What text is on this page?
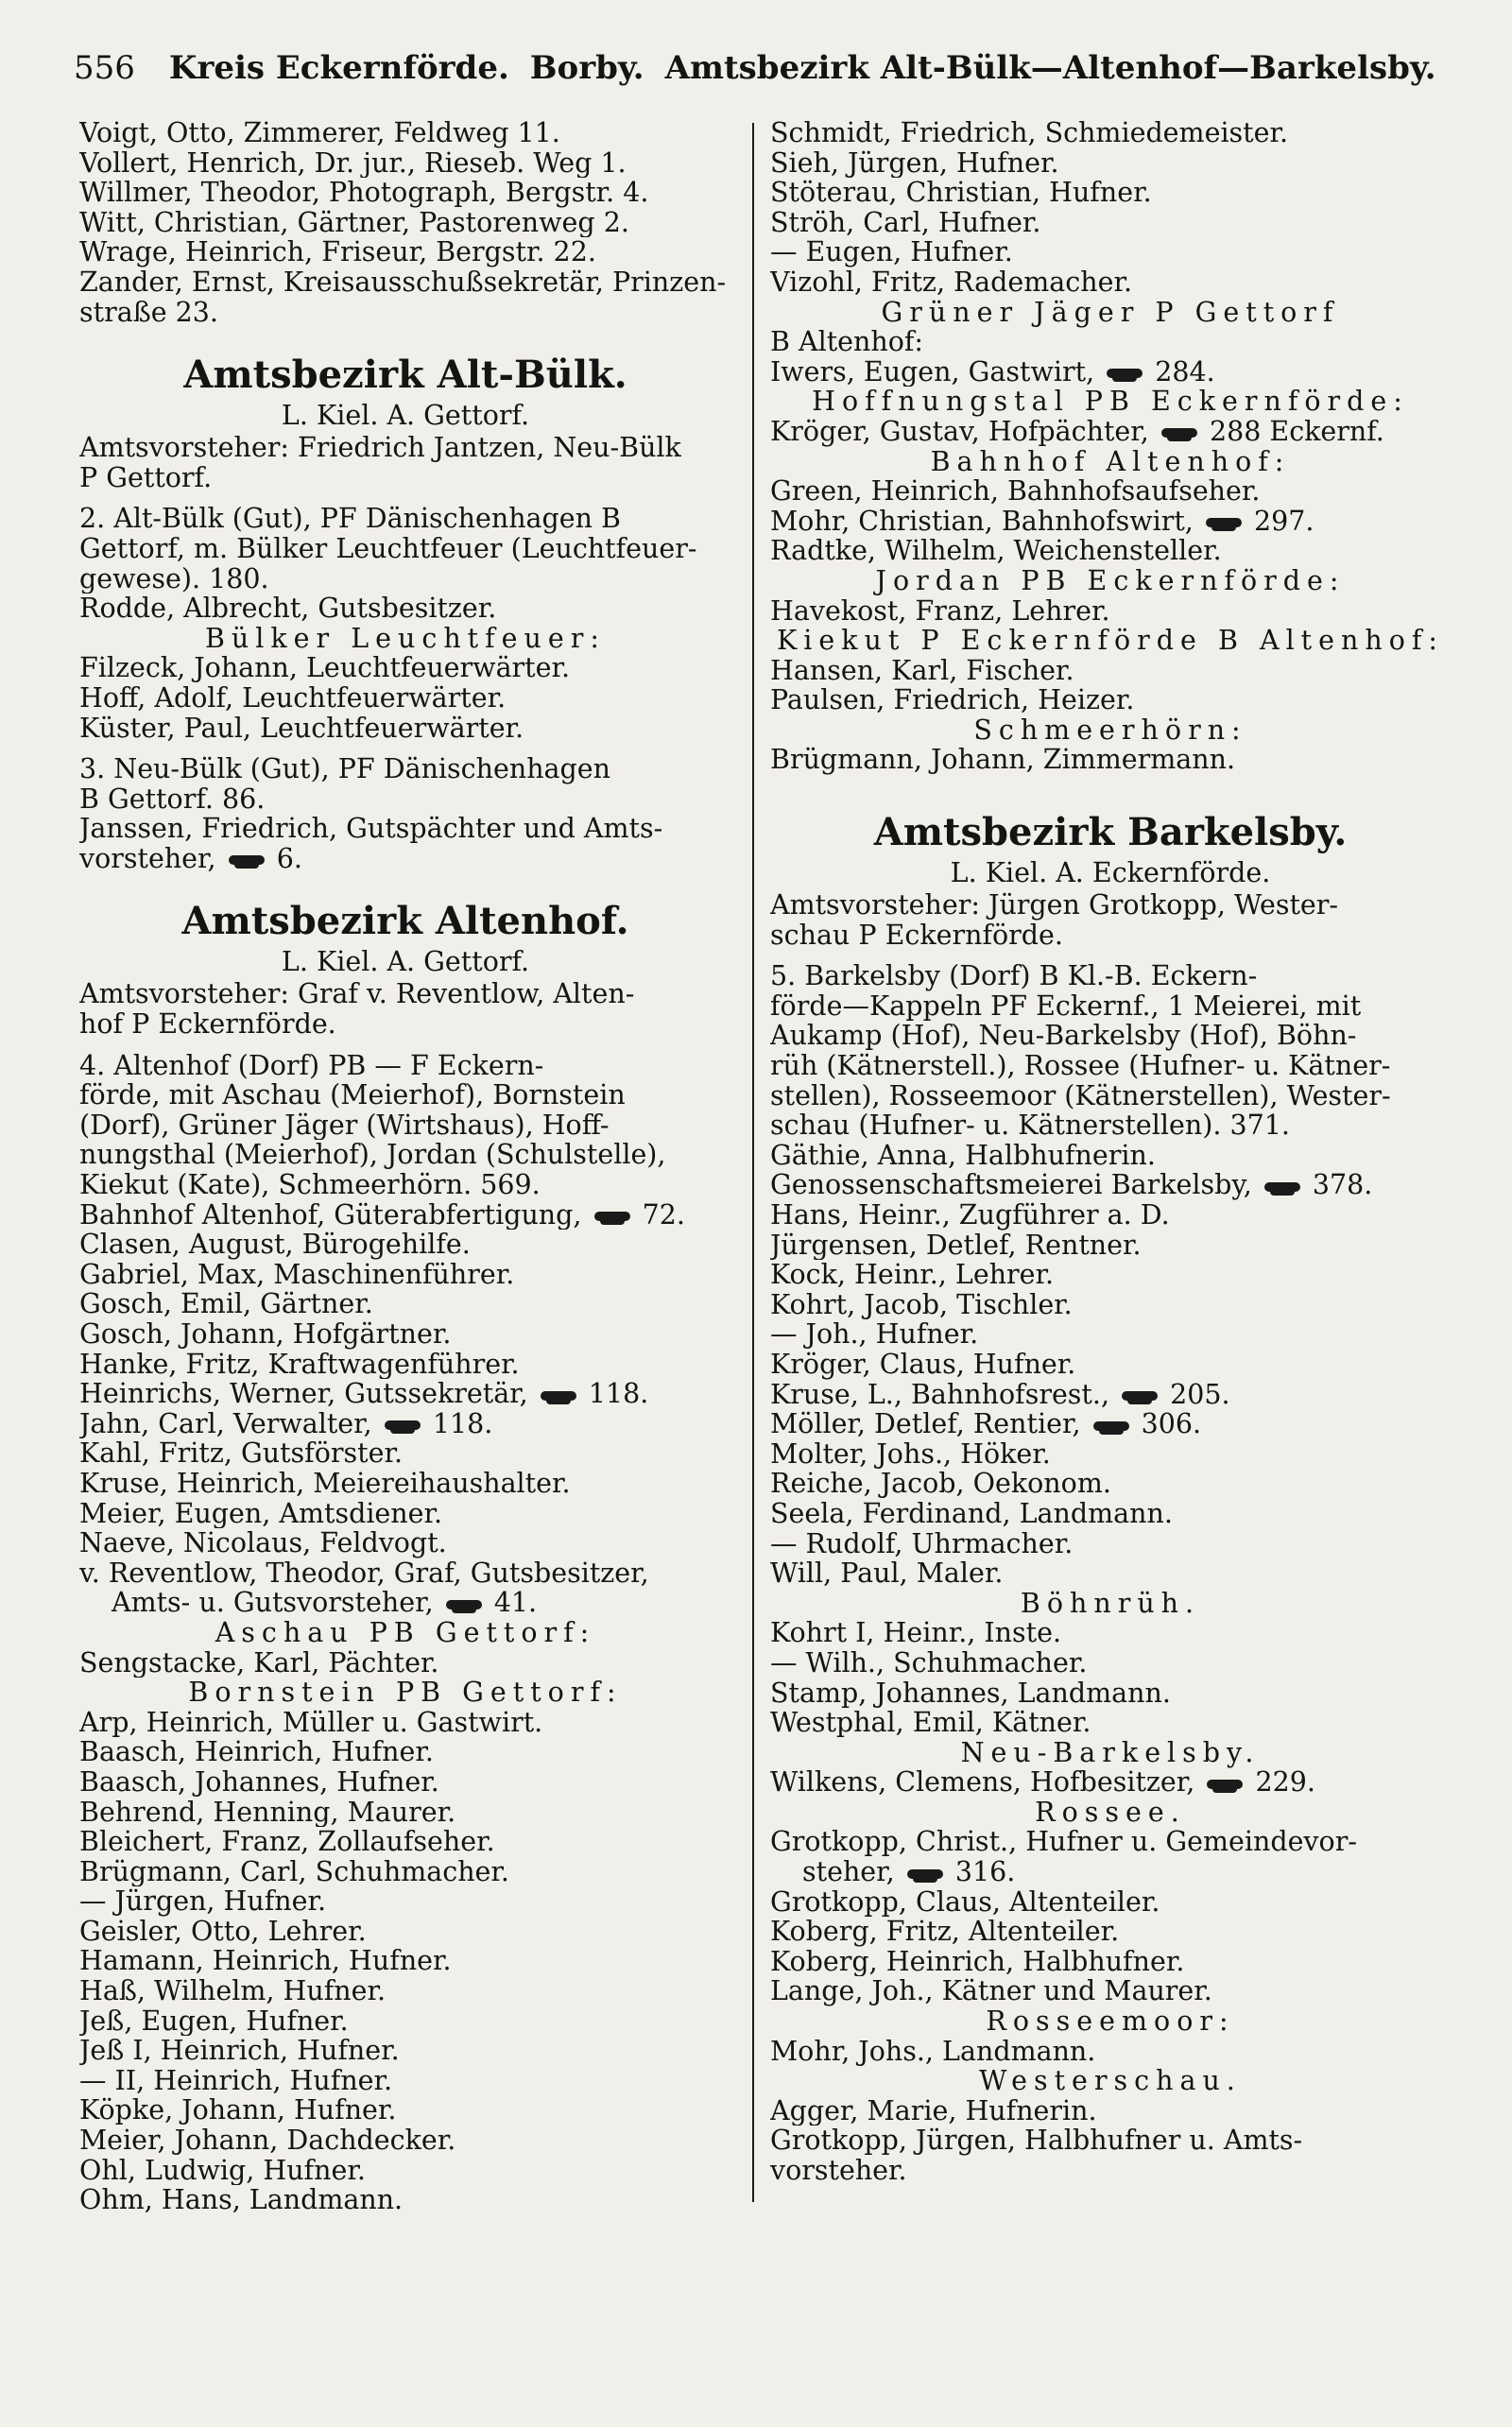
556 Kreis Eckernförde. Borby. Amtsbezirk Alt-Bülk—Altenhof—Barkelsby.
Voigt, Otto, Zimmerer, Feldweg 11.
Vollert, Henrich, Dr. jur., Rieseb. Weg 1.
Willmer, Theodor, Photograph, Bergstr. 4.
Witt, Christian, Gärtner, Pastorenweg 2.
Wrage, Heinrich, Friseur, Bergstr. 22.
Zander, Ernst, Kreisausschußsekretär, Prinzen-
straße 23.
Amtsbezirk Alt-Bülk.
L. Kiel. A. Gettorf.
Amtsvorsteher: Friedrich Jantzen, Neu-Bülk
P Gettorf.
2. Alt-Bülk (Gut), PF Dänischenhagen B
Gettorf, m. Bülker Leuchtfeuer (Leuchtfeuer-
gewese). 180.
Rodde, Albrecht, Gutsbesitzer.
Bülker Leuchtfeuer:
Filzeck, Johann, Leuchtfeuerwärter.
Hoff, Adolf, Leuchtfeuerwärter.
Küster, Paul, Leuchtfeuerwärter.
3. Neu-Bülk (Gut), PF Dänischenhagen
B Gettorf. 86.
Janssen, Friedrich, Gutspächter und Amts-
vorsteher, 6.
Amtsbezirk Altenhof.
L. Kiel. A. Gettorf.
Amtsvorsteher: Graf v. Reventlow, Alten-
hof P Eckernförde.
4. Altenhof (Dorf) PB — F Eckern-
förde, mit Aschau (Meierhof), Bornstein
(Dorf), Grüner Jäger (Wirtshaus), Hoff-
nungsthal (Meierhof), Jordan (Schulstelle),
Kiekut (Kate), Schmeerhörn. 569.
Bahnhof Altenhof, Güterabfertigung, 72.
Clasen, August, Bürogehilfe.
Gabriel, Max, Maschinenführer.
Gosch, Emil, Gärtner.
Gosch, Johann, Hofgärtner.
Hanke, Fritz, Kraftwagenführer.
Heinrichs, Werner, Gutssekretär, 118.
Jahn, Carl, Verwalter, 118.
Kahl, Fritz, Gutsförster.
Kruse, Heinrich, Meiereihaushalter.
Meier, Eugen, Amtsdiener.
Naeve, Nicolaus, Feldvogt.
v. Reventlow, Theodor, Graf, Gutsbesitzer,
Amts- u. Gutsvorsteher, 41.
Aschau PB Gettorf:
Sengstacke, Karl, Pächter.
Bornstein PB Gettorf:
Arp, Heinrich, Müller u. Gastwirt.
Baasch, Heinrich, Hufner.
Baasch, Johannes, Hufner.
Behrend, Henning, Maurer.
Bleichert, Franz, Zollaufseher.
Brügmann, Carl, Schuhmacher.
— Jürgen, Hufner.
Geisler, Otto, Lehrer.
Hamann, Heinrich, Hufner.
Haß, Wilhelm, Hufner.
Jeß, Eugen, Hufner.
Jeß I, Heinrich, Hufner.
— II, Heinrich, Hufner.
Köpke, Johann, Hufner.
Meier, Johann, Dachdecker.
Ohl, Ludwig, Hufner.
Ohm, Hans, Landmann.
Schmidt, Friedrich, Schmiedemeister.
Sieh, Jürgen, Hufner.
Stöterau, Christian, Hufner.
Ströh, Carl, Hufner.
— Eugen, Hufner.
Vizohl, Fritz, Rademacher.
Grüner Jäger P Gettorf
B Altenhof:
Iwers, Eugen, Gastwirt, 284.
Hoffnungstal PB Eckernförde:
Kröger, Gustav, Hofpächter, 288 Eckernf.
Bahnhof Altenhof:
Green, Heinrich, Bahnhofsaufseher.
Mohr, Christian, Bahnhofswirt, 297.
Radtke, Wilhelm, Weichensteller.
Jordan PB Eckernförde:
Havekost, Franz, Lehrer.
Kiekut P Eckernförde B Altenhof:
Hansen, Karl, Fischer.
Paulsen, Friedrich, Heizer.
Schmeerhörn:
Brügmann, Johann, Zimmermann.
Amtsbezirk Barkelsby.
L. Kiel. A. Eckernförde.
Amtsvorsteher: Jürgen Grotkopp, Wester-
schau P Eckernförde.
5. Barkelsby (Dorf) B Kl.-B. Eckern-
förde—Kappeln PF Eckernf., 1 Meierei, mit
Aukamp (Hof), Neu-Barkelsby (Hof), Böhn-
rüh (Kätnerstell.), Rossee (Hufner- u. Kätner-
stellen), Rosseemoor (Kätnerstellen), Wester-
schau (Hufner- u. Kätnerstellen). 371.
Gäthie, Anna, Halbhufnerin.
Genossenschaftsmeierei Barkelsby, 378.
Hans, Heinr., Zugführer a. D.
Jürgensen, Detlef, Rentner.
Kock, Heinr., Lehrer.
Kohrt, Jacob, Tischler.
— Joh., Hufner.
Kröger, Claus, Hufner.
Kruse, L., Bahnhofsrest., 205.
Möller, Detlef, Rentier, 306.
Molter, Johs., Höker.
Reiche, Jacob, Oekonom.
Seela, Ferdinand, Landmann.
— Rudolf, Uhrmacher.
Will, Paul, Maler.
Böhnrüh.
Kohrt I, Heinr., Inste.
— Wilh., Schuhmacher.
Stamp, Johannes, Landmann.
Westphal, Emil, Kätner.
Neu-Barkelsby.
Wilkens, Clemens, Hofbesitzer, 229.
Rossee.
Grotkopp, Christ., Hufner u. Gemeindevor-
steher, 316.
Grotkopp, Claus, Altenteiler.
Koberg, Fritz, Altenteiler.
Koberg, Heinrich, Halbhufner.
Lange, Joh., Kätner und Maurer.
Rosseemoor:
Mohr, Johs., Landmann.
Westerschau.
Agger, Marie, Hufnerin.
Grotkopp, Jürgen, Halbhufner u. Amts-
vorsteher.
